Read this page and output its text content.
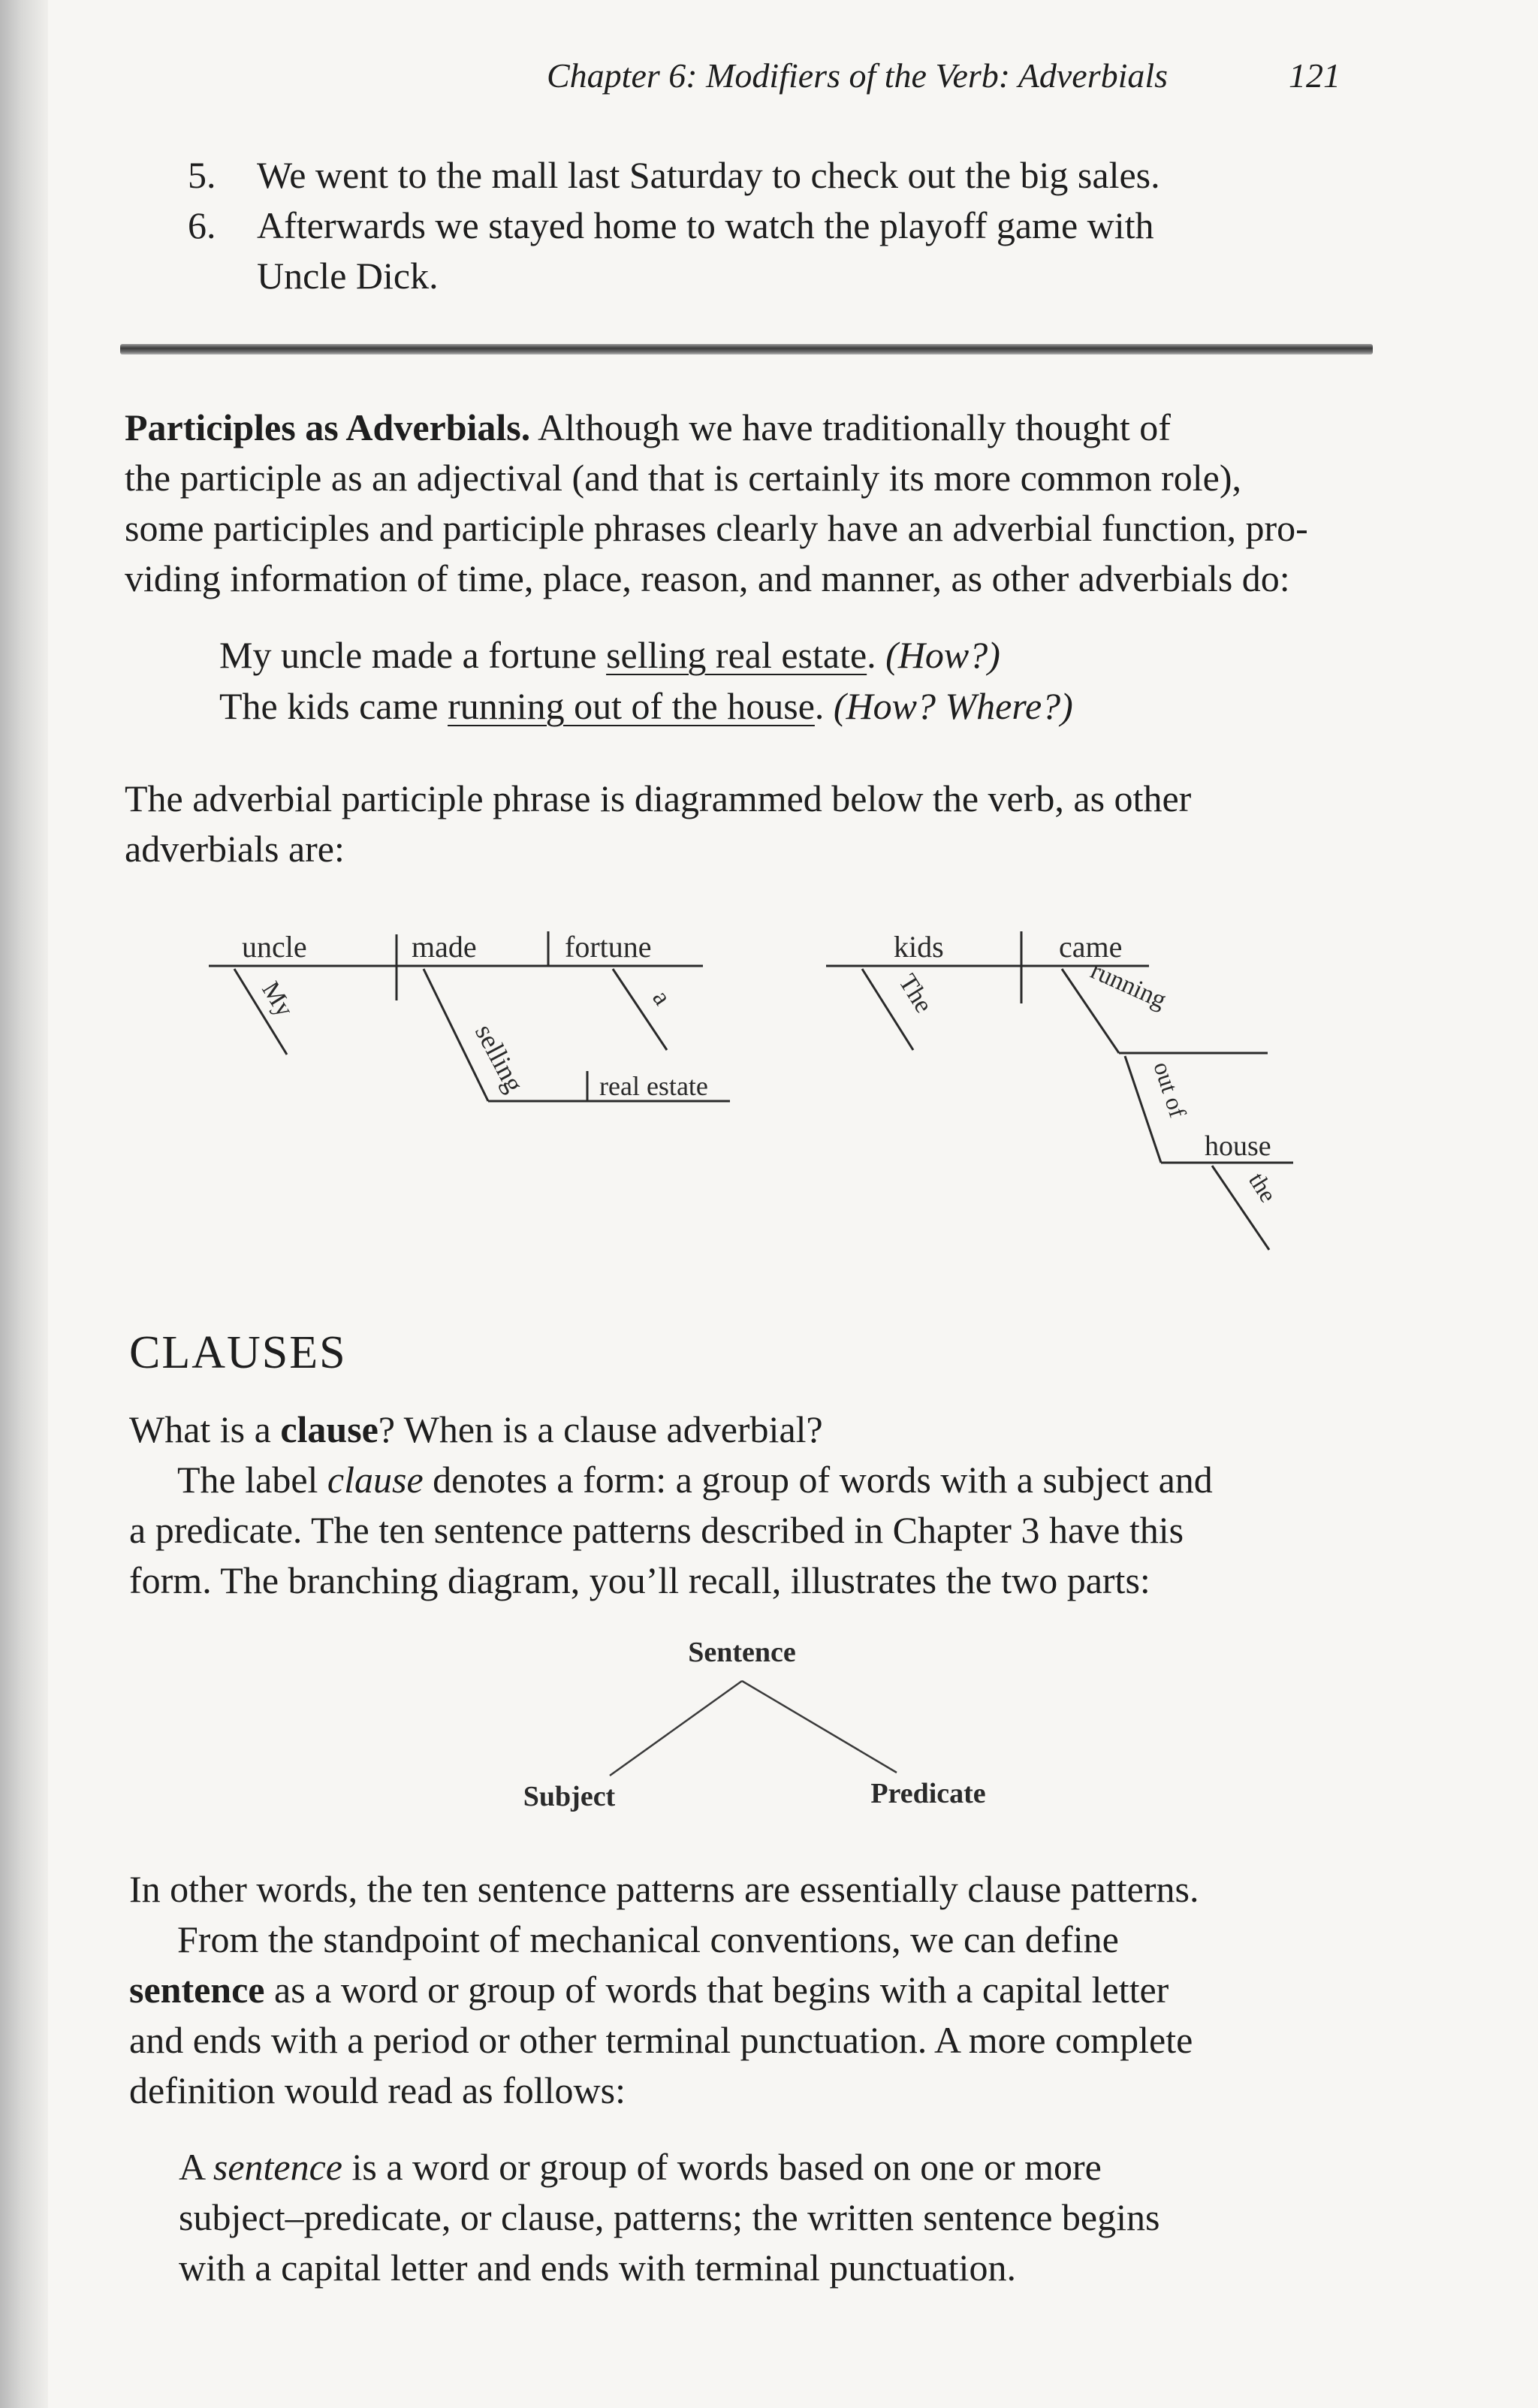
Chapter 6: Modifiers of the Verb: Adverbials	121
5. We went to the mall last Saturday to check out the big sales.
6. Afterwards we stayed home to watch the playoff game with
Uncle Dick.
Participles as Adverbials. Although we have traditionally thought of
the participle as an adjectival (and that is certainly its more common role),
some participles and participle phrases clearly have an adverbial function, pro-
viding information of time, place, reason, and manner, as other adverbials do:
My uncle made a fortune selling real estate. (How?)
The kids came running out of the house. (How? Where?)
The adverbial participle phrase is diagrammed below the verb, as other
adverbials are:
uncle	made	fortune
My	a
selling	real estate
kids	came
The	running
out of
house
the
Sentence
Subject	Predicate
CLAUSES
What is a clause? When is a clause adverbial?
The label clause denotes a form: a group of words with a subject and
a predicate. The ten sentence patterns described in Chapter 3 have this
form. The branching diagram, you’ll recall, illustrates the two parts:
In other words, the ten sentence patterns are essentially clause patterns.
From the standpoint of mechanical conventions, we can define
sentence as a word or group of words that begins with a capital letter
and ends with a period or other terminal punctuation. A more complete
definition would read as follows:
A sentence is a word or group of words based on one or more
subject–predicate, or clause, patterns; the written sentence begins
with a capital letter and ends with terminal punctuation.
